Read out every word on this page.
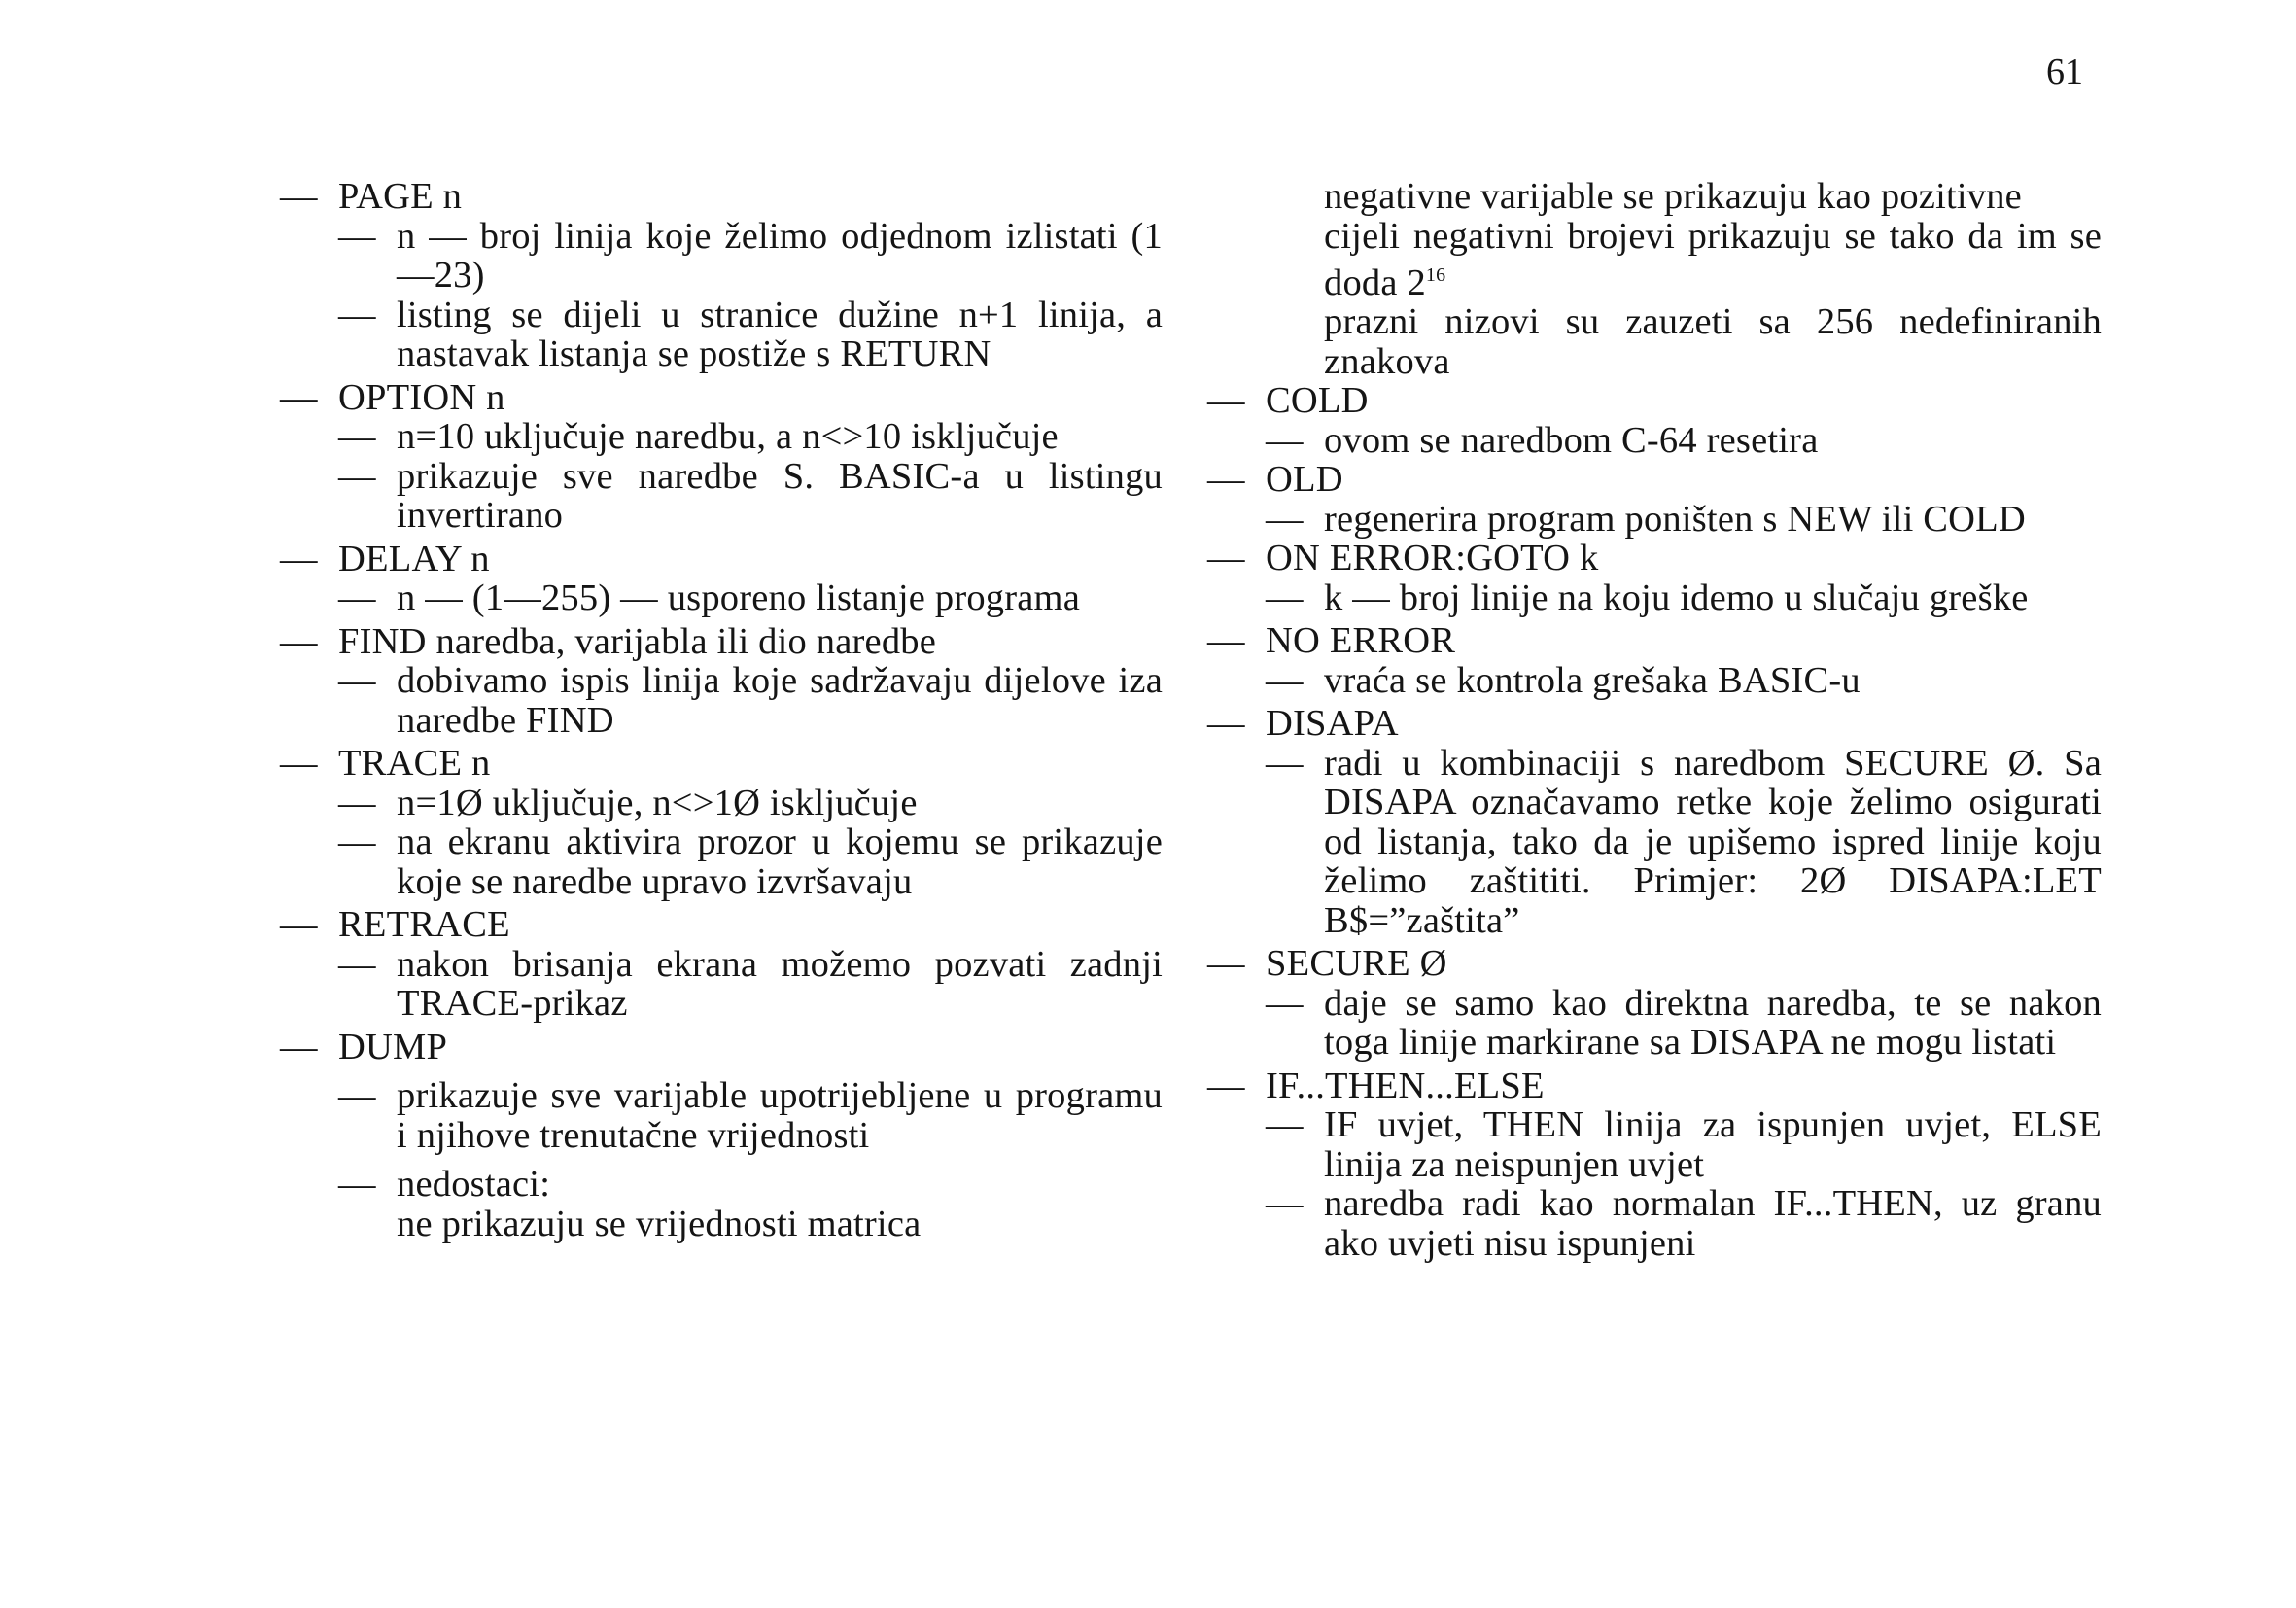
61
— PAGE n
— n — broj linija koje želimo odjednom izlistati (1—23)
— listing se dijeli u stranice dužine n+1 linija, a nastavak listanja se postiže s RETURN
— OPTION n
— n=10 uključuje naredbu, a n<>10 isključuje
— prikazuje sve naredbe S. BASIC-a u listingu invertirano
— DELAY n
— n — (1—255) — usporeno listanje programa
— FIND naredba, varijabla ili dio naredbe
— dobivamo ispis linija koje sadržavaju dijelove iza naredbe FIND
— TRACE n
— n=1Ø uključuje, n<>1Ø isključuje
— na ekranu aktivira prozor u kojemu se prikazuje koje se naredbe upravo izvršavaju
— RETRACE
— nakon brisanja ekrana možemo pozvati zadnji TRACE-prikaz
— DUMP
— prikazuje sve varijable upotrijebljene u programu i njihove trenutačne vrijednosti
— nedostaci:
ne prikazuju se vrijednosti matrica
negativne varijable se prikazuju kao pozitivne
cijeli negativni brojevi prikazuju se tako da im se doda $2^{16}$
prazni nizovi su zauzeti sa 256 nedefiniranih znakova
— COLD
— ovom se naredbom C-64 resetira
— OLD
— regenerira program poništen s NEW ili COLD
— ON ERROR:GOTO k
— k — broj linije na koju idemo u slučaju greške
— NO ERROR
— vraća se kontrola grešaka BASIC-u
— DISAPA
— radi u kombinaciji s naredbom SECURE Ø. Sa DISAPA označavamo retke koje želimo osigurati od listanja, tako da je upišemo ispred linije koju želimo zaštititi. Primjer: 2Ø DISAPA:LET B$=”zaštita”
— SECURE Ø
— daje se samo kao direktna naredba, te se nakon toga linije markirane sa DISAPA ne mogu listati
— IF...THEN...ELSE
— IF uvjet, THEN linija za ispunjen uvjet, ELSE linija za neispunjen uvjet
— naredba radi kao normalan IF...THEN, uz granu ako uvjeti nisu ispunjeni
